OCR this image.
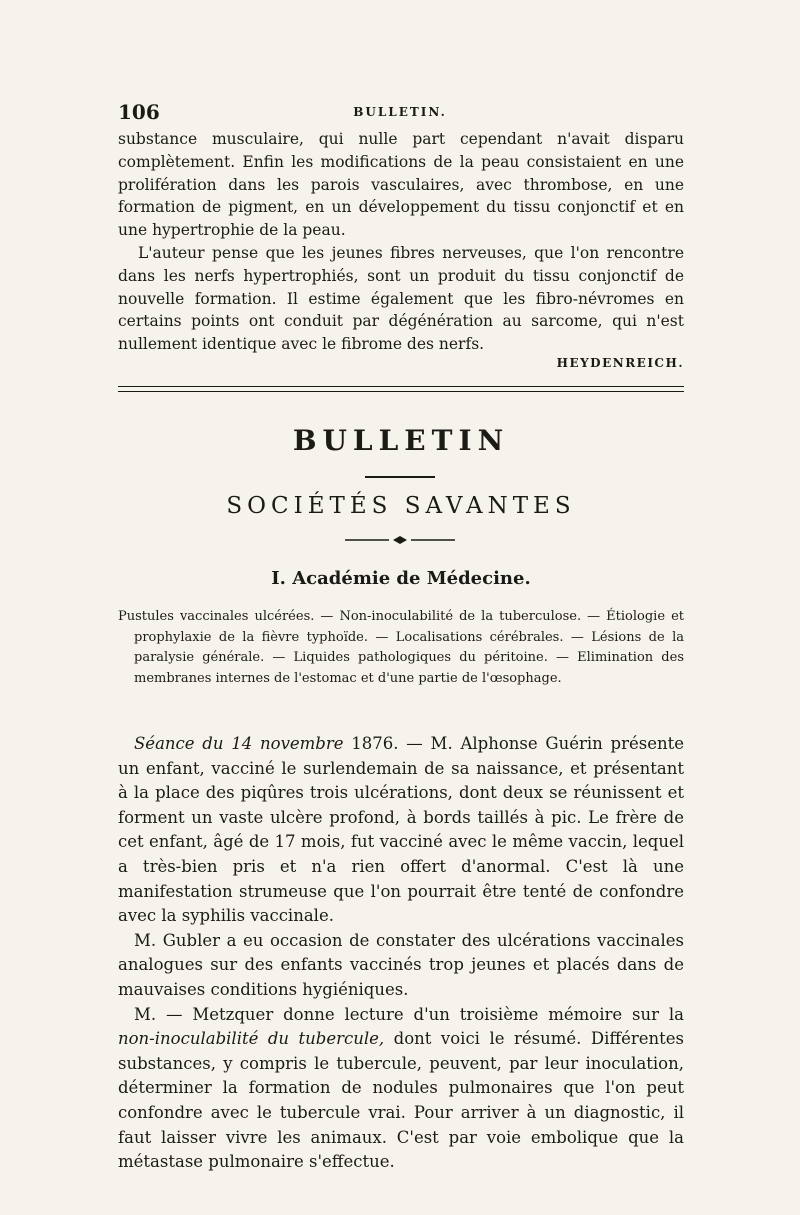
106	BULLETIN.

substance musculaire, qui nulle part cependant n'avait disparu complètement. Enfin les modifications de la peau consistaient en une prolifération dans les parois vasculaires, avec thrombose, en une formation de pigment, en un développement du tissu conjonctif et en une hypertrophie de la peau.

L'auteur pense que les jeunes fibres nerveuses, que l'on rencontre dans les nerfs hypertrophiés, sont un produit du tissu conjonctif de nouvelle formation. Il estime également que les fibro-névromes en certains points ont conduit par dégénération au sarcome, qui n'est nullement identique avec le fibrome des nerfs.

HEYDENREICH.
BULLETIN
SOCIÉTÉS SAVANTES
I. Académie de Médecine.

Pustules vaccinales ulcérées. — Non-inoculabilité de la tuberculose. — Étiologie et prophylaxie de la fièvre typhoïde. — Localisations cérébrales. — Lésions de la paralysie générale. — Liquides pathologiques du péritoine. — Elimination des membranes internes de l'estomac et d'une partie de l'œsophage.

Séance du 14 novembre 1876. — M. Alphonse Guérin présente un enfant, vacciné le surlendemain de sa naissance, et présentant à la place des piqûres trois ulcérations, dont deux se réunissent et forment un vaste ulcère profond, à bords taillés à pic. Le frère de cet enfant, âgé de 17 mois, fut vacciné avec le même vaccin, lequel a très-bien pris et n'a rien offert d'anormal. C'est là une manifestation strumeuse que l'on pourrait être tenté de confondre avec la syphilis vaccinale.

M. Gubler a eu occasion de constater des ulcérations vaccinales analogues sur des enfants vaccinés trop jeunes et placés dans de mauvaises conditions hygiéniques.

M. — Metzquer donne lecture d'un troisième mémoire sur la non-inoculabilité du tubercule, dont voici le résumé. Différentes substances, y compris le tubercule, peuvent, par leur inoculation, déterminer la formation de nodules pulmonaires que l'on peut confondre avec le tubercule vrai. Pour arriver à un diagnostic, il faut laisser vivre les animaux. C'est par voie embolique que la métastase pulmonaire s'effectue.
